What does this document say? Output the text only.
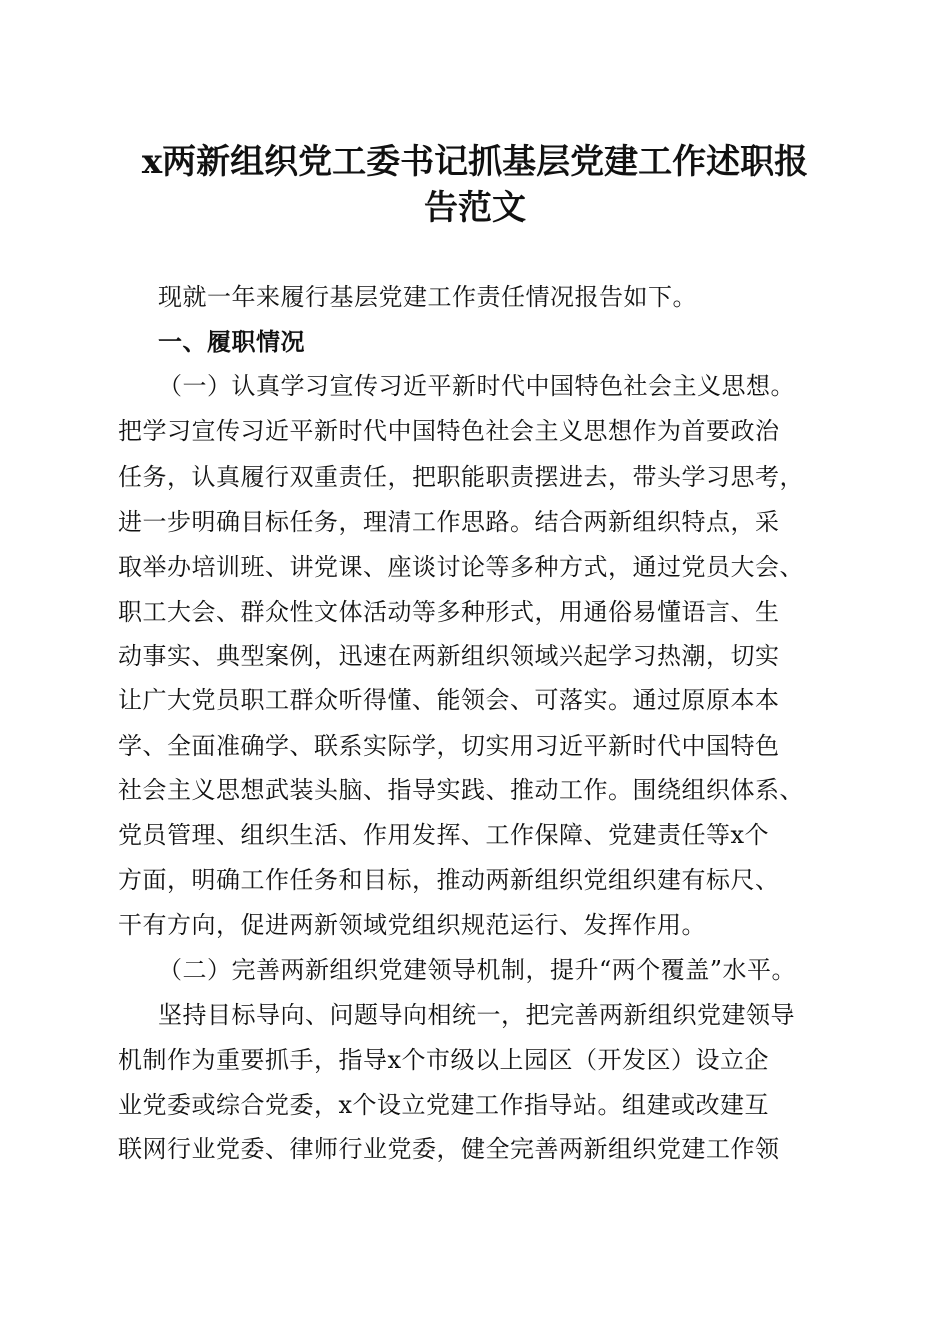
x两新组织党工委书记抓基层党建工作述职报
告范文

现就一年来履行基层党建工作责任情况报告如下。

一、履职情况

（一）认真学习宣传习近平新时代中国特色社会主义思想。

把学习宣传习近平新时代中国特色社会主义思想作为首要政治

任务，认真履行双重责任，把职能职责摆进去，带头学习思考，

进一步明确目标任务，理清工作思路。结合两新组织特点，采

取举办培训班、讲党课、座谈讨论等多种方式，通过党员大会、

职工大会、群众性文体活动等多种形式，用通俗易懂语言、生

动事实、典型案例，迅速在两新组织领域兴起学习热潮，切实

让广大党员职工群众听得懂、能领会、可落实。通过原原本本

学、全面准确学、联系实际学，切实用习近平新时代中国特色

社会主义思想武装头脑、指导实践、推动工作。围绕组织体系、

党员管理、组织生活、作用发挥、工作保障、党建责任等x个

方面，明确工作任务和目标，推动两新组织党组织建有标尺、

干有方向，促进两新领域党组织规范运行、发挥作用。

（二）完善两新组织党建领导机制，提升“两个覆盖”水平。

坚持目标导向、问题导向相统一，把完善两新组织党建领导

机制作为重要抓手，指导x个市级以上园区（开发区）设立企

业党委或综合党委，x个设立党建工作指导站。组建或改建互

联网行业党委、律师行业党委，健全完善两新组织党建工作领
